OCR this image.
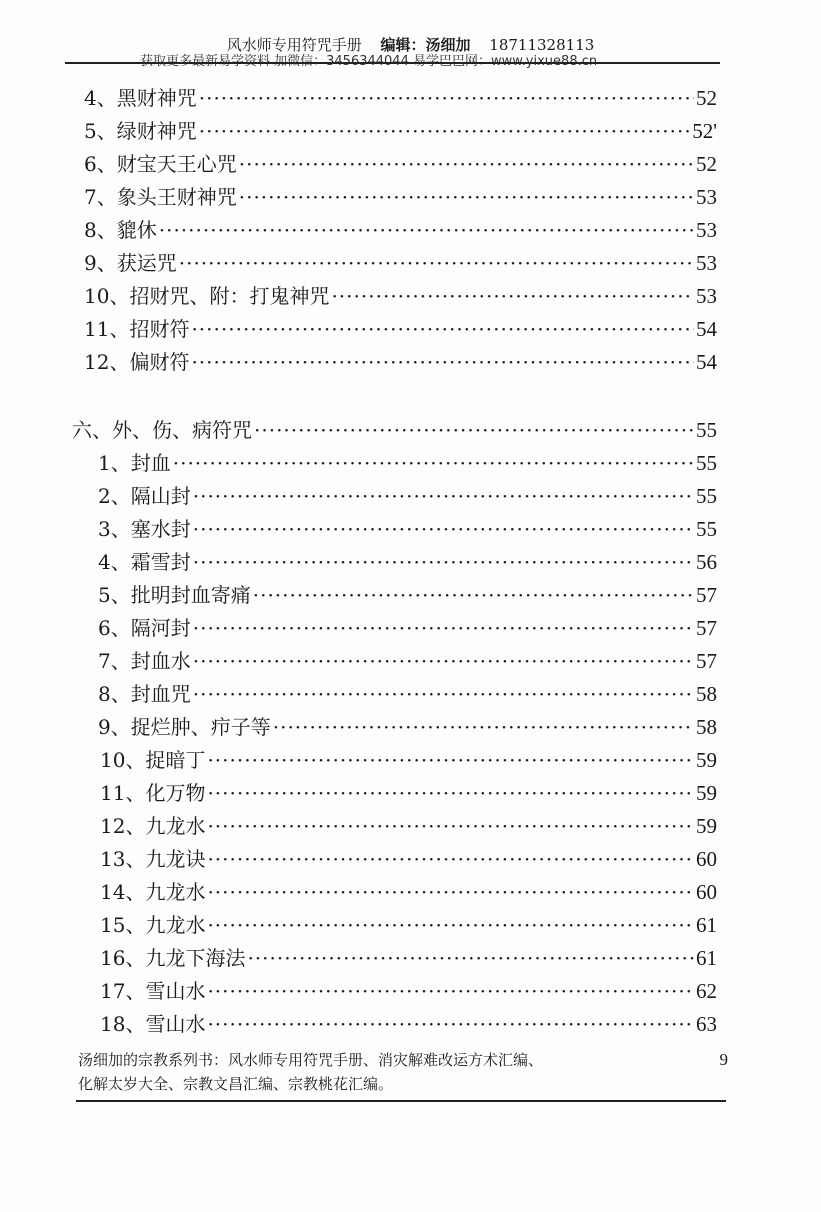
风水师专用符咒手册 编辑：汤细加 18711328113
4、黑财神咒 ·····	52
5、绿财神咒 ·····	52'
6、财宝天王心咒 ·····	52
7、象头王财神咒 ·····	53
8、貔休 ·····	53
9、获运咒 ·····	53
10、招财咒、附：打鬼神咒 ·····	53
11、招财符 ·····	54
12、偏财符 ·····	54
六、外、伤、病符咒 ·····	55
1、封血 ·····	55
2、隔山封 ·····	55
3、塞水封 ·····	55
4、霜雪封 ·····	56
5、批明封血寄痛 ·····	57
6、隔河封 ·····	57
7、封血水 ·····	57
8、封血咒 ·····	58
9、捉烂肿、疖子等 ·····	58
10、捉暗丁 ·····	59
11、化万物 ·····	59
12、九龙水 ·····	59
13、九龙诀 ·····	60
14、九龙水 ·····	60
15、九龙水 ·····	61
16、九龙下海法 ·····	61
17、雪山水 ·····	62
18、雪山水 ·····	63
汤细加的宗教系列书：风水师专用符咒手册、消灾解难改运方术汇编、
化解太岁大全、宗教文昌汇编、宗教桃花汇编。
9
